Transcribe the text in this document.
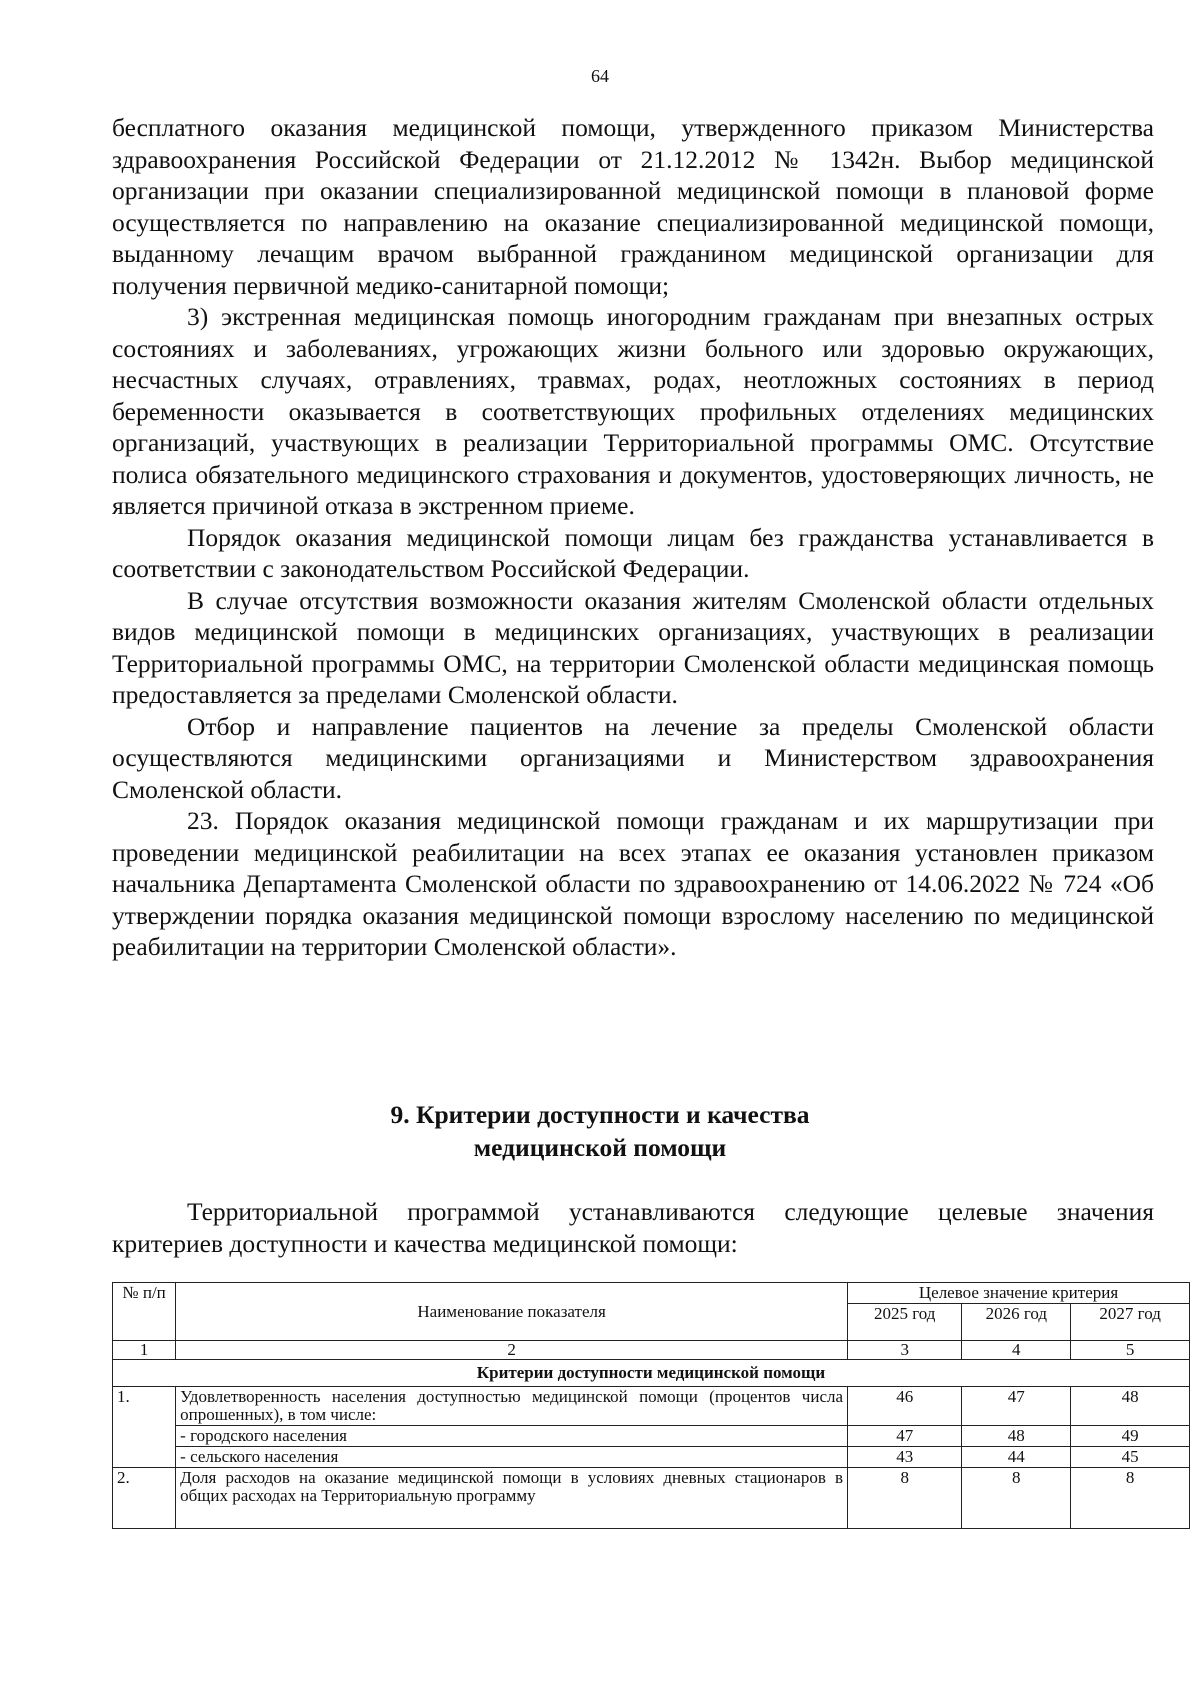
64

бесплатного оказания медицинской помощи, утвержденного приказом Министерства здравоохранения Российской Федерации от 21.12.2012 № 1342н. Выбор медицинской организации при оказании специализированной медицинской помощи в плановой форме осуществляется по направлению на оказание специализированной медицинской помощи, выданному лечащим врачом выбранной гражданином медицинской организации для получения первичной медико-санитарной помощи;

3) экстренная медицинская помощь иногородним гражданам при внезапных острых состояниях и заболеваниях, угрожающих жизни больного или здоровью окружающих, несчастных случаях, отравлениях, травмах, родах, неотложных состояниях в период беременности оказывается в соответствующих профильных отделениях медицинских организаций, участвующих в реализации Территориальной программы ОМС. Отсутствие полиса обязательного медицинского страхования и документов, удостоверяющих личность, не является причиной отказа в экстренном приеме.

Порядок оказания медицинской помощи лицам без гражданства устанавливается в соответствии с законодательством Российской Федерации.

В случае отсутствия возможности оказания жителям Смоленской области отдельных видов медицинской помощи в медицинских организациях, участвующих в реализации Территориальной программы ОМС, на территории Смоленской области медицинская помощь предоставляется за пределами Смоленской области.

Отбор и направление пациентов на лечение за пределы Смоленской области осуществляются медицинскими организациями и Министерством здравоохранения Смоленской области.

23. Порядок оказания медицинской помощи гражданам и их маршрутизации при проведении медицинской реабилитации на всех этапах ее оказания установлен приказом начальника Департамента Смоленской области по здравоохранению от 14.06.2022 № 724 «Об утверждении порядка оказания медицинской помощи взрослому населению по медицинской реабилитации на территории Смоленской области».

9. Критерии доступности и качества
медицинской помощи

Территориальной программой устанавливаются следующие целевые значения критериев доступности и качества медицинской помощи:

№ п/п	Наименование показателя	Целевое значение критерия		
		2025 год	2026 год	2027 год
1	2	3	4	5
Критерии доступности медицинской помощи				
1.	Удовлетворенность населения доступностью медицинской помощи (процентов числа опрошенных), в том числе:	46	47	48
	- городского населения	47	48	49
	- сельского населения	43	44	45
2.	Доля расходов на оказание медицинской помощи в условиях дневных стационаров в общих расходах на Территориальную программу	8	8	8
